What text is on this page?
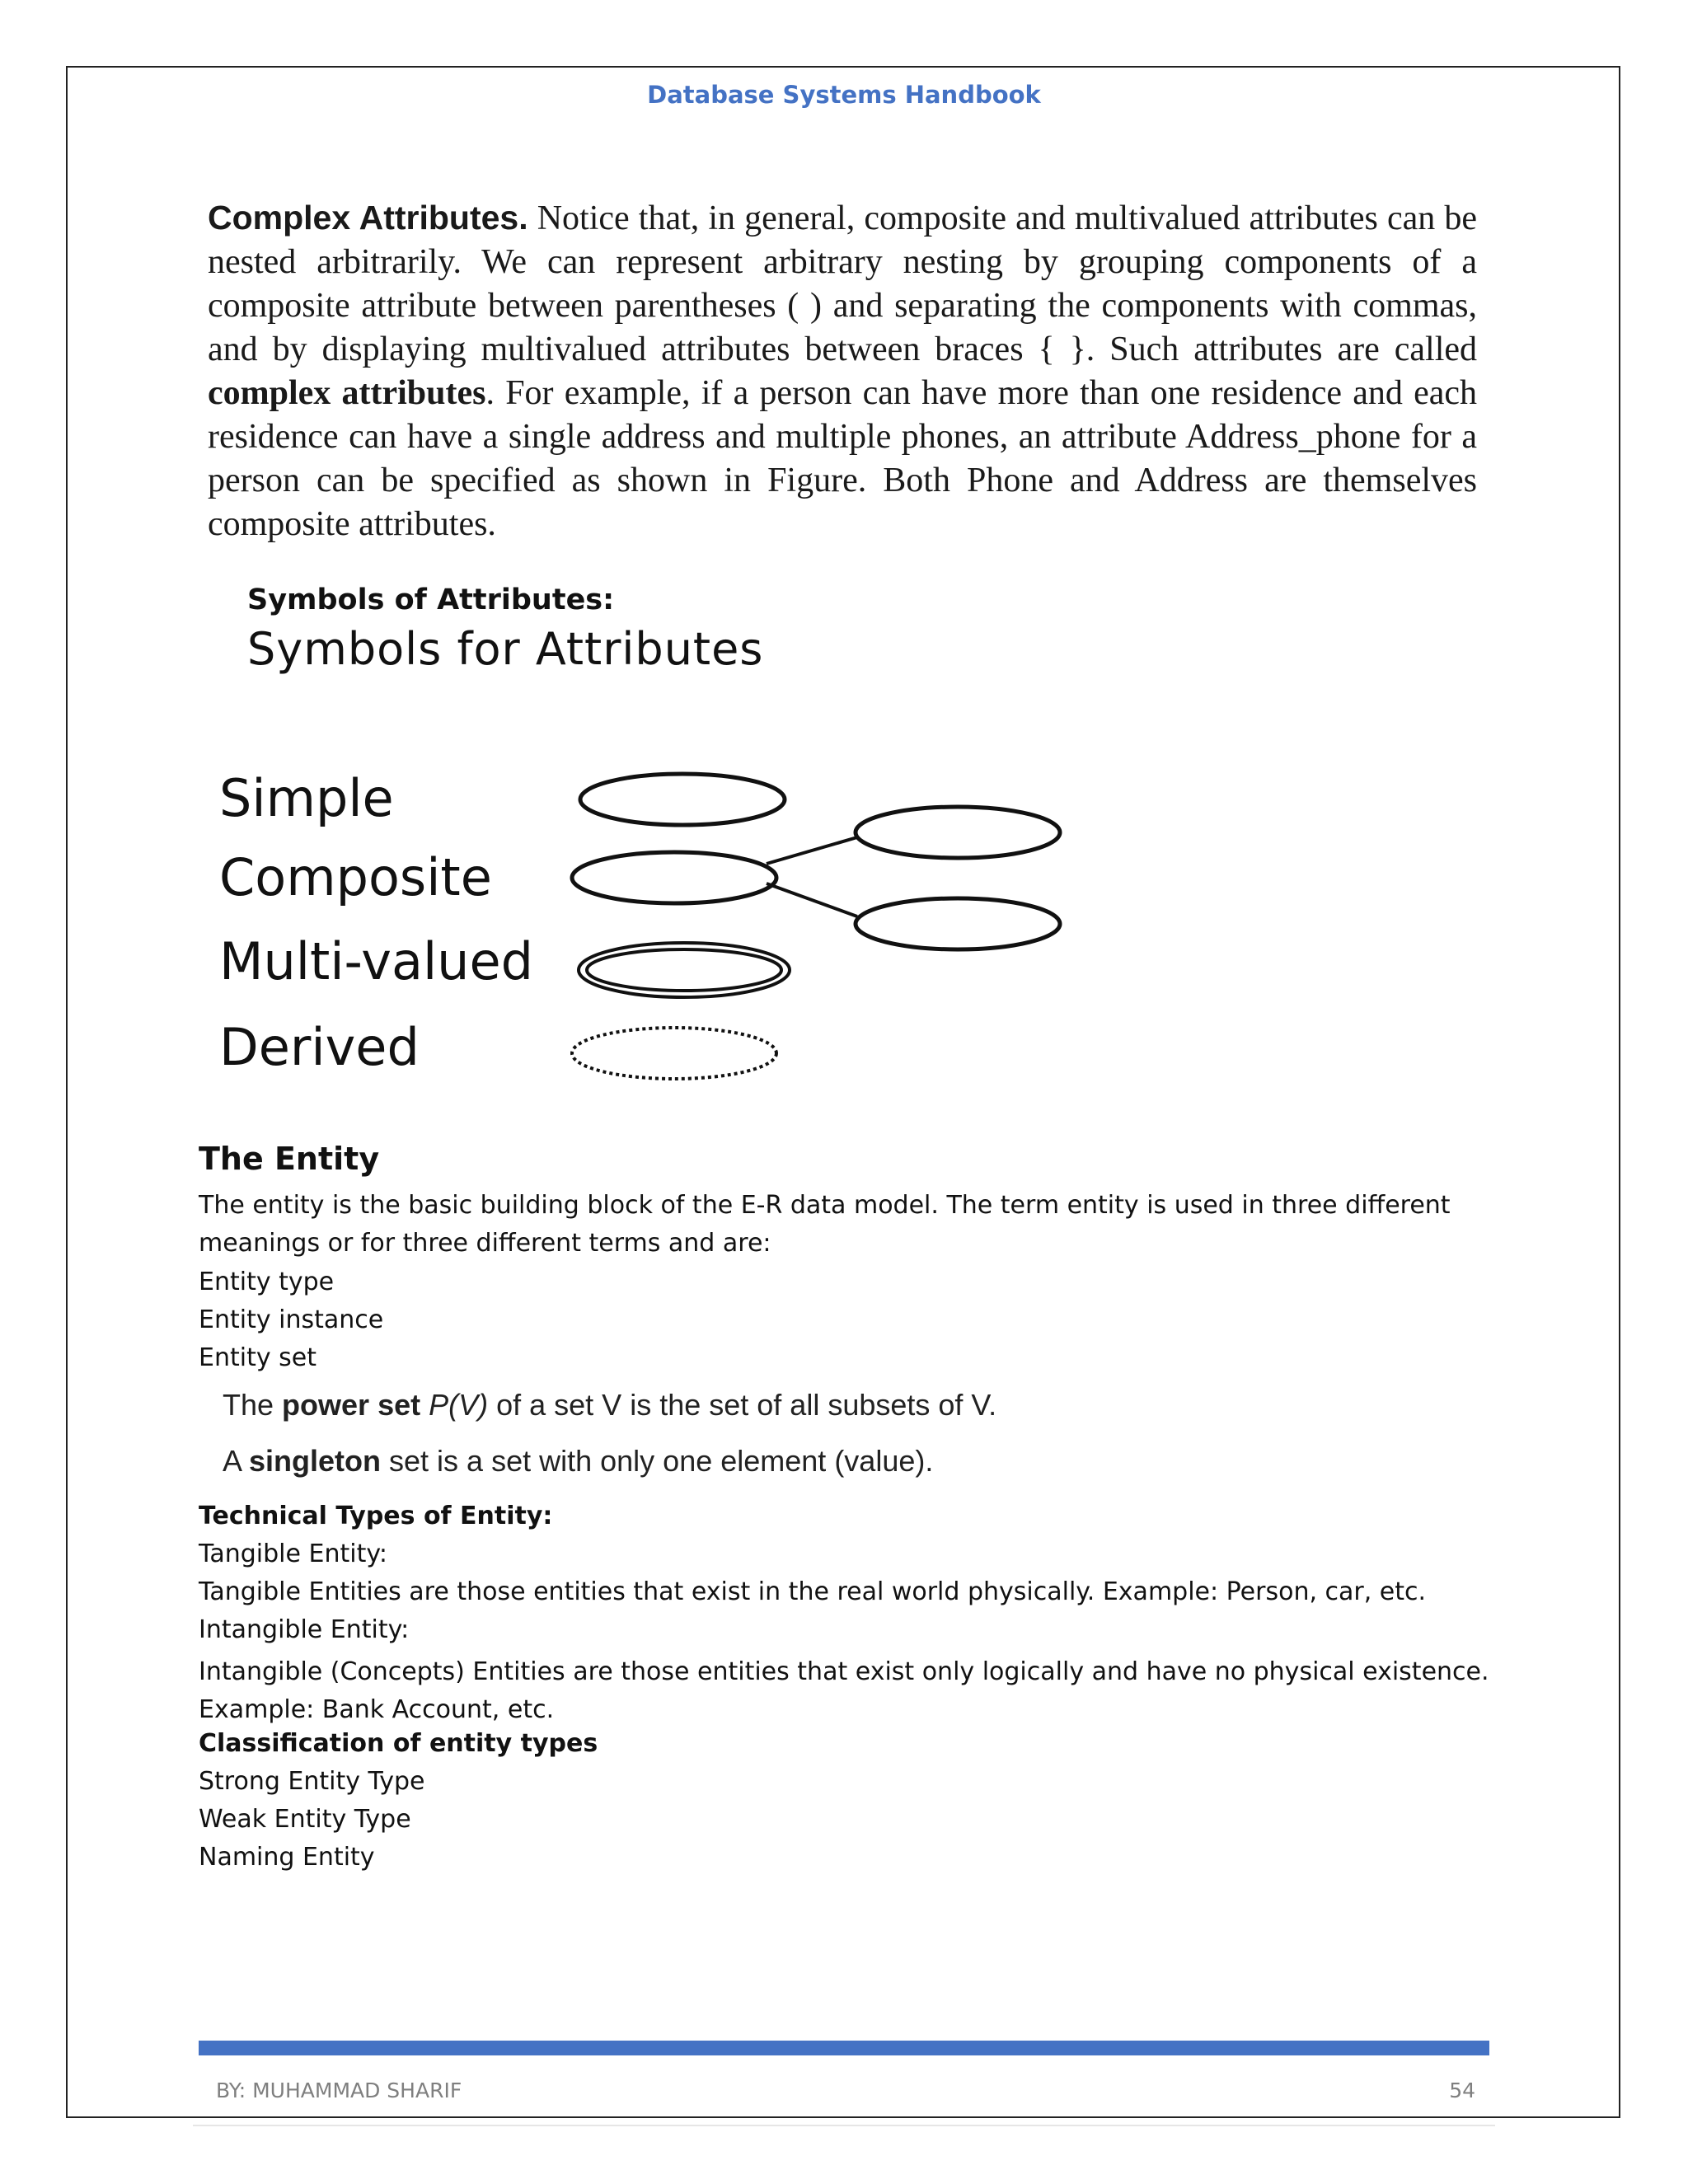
Database Systems Handbook
Complex Attributes. Notice that, in general, composite and multivalued attributes can be nested arbitrarily. We can represent arbitrary nesting by grouping components of a composite attribute between parentheses ( ) and separating the components with commas, and by displaying multivalued attributes between braces { }. Such attributes are called complex attributes. For example, if a person can have more than one residence and each residence can have a single address and multiple phones, an attribute Address_phone for a person can be specified as shown in Figure. Both Phone and Address are themselves composite attributes.
Symbols of Attributes:
Symbols for Attributes
Simple
Composite
Multi-valued
Derived
The Entity
The entity is the basic building block of the E-R data model. The term entity is used in three different meanings or for three different terms and are:
Entity type
Entity instance
Entity set
The power set P(V) of a set V is the set of all subsets of V.
A singleton set is a set with only one element (value).
Technical Types of Entity:
Tangible Entity:
Tangible Entities are those entities that exist in the real world physically. Example: Person, car, etc.
Intangible Entity:
Intangible (Concepts) Entities are those entities that exist only logically and have no physical existence. Example: Bank Account, etc.
Classification of entity types
Strong Entity Type
Weak Entity Type
Naming Entity
BY: MUHAMMAD SHARIF	54
